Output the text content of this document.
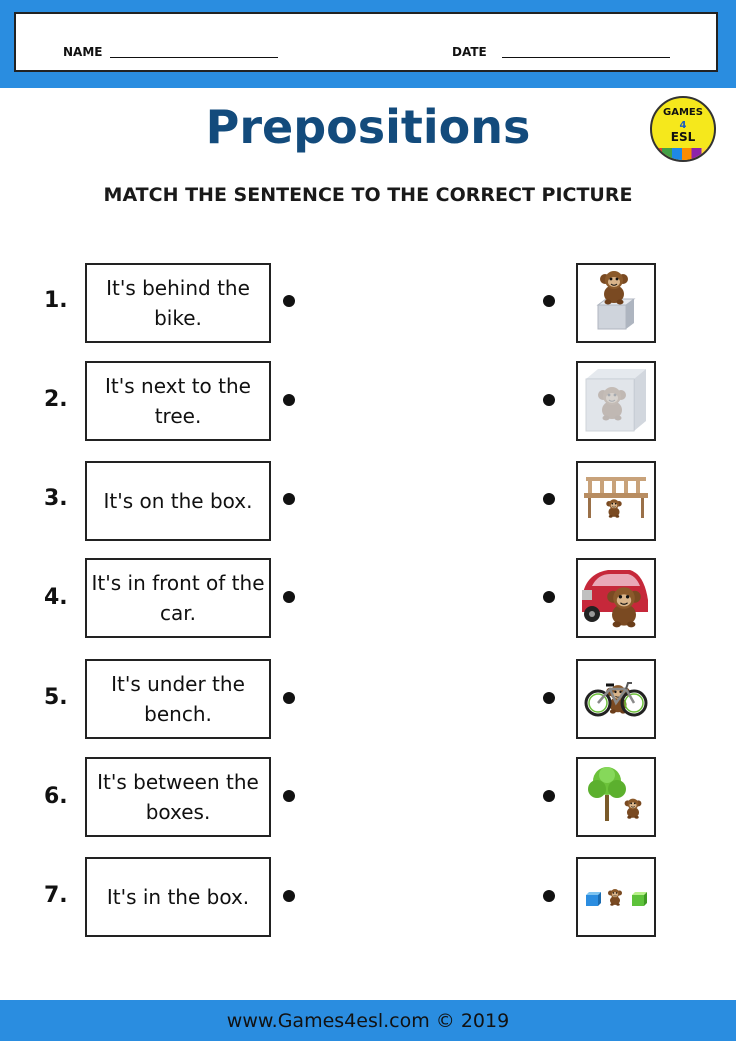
NAME	DATE
Prepositions	GAMES
4
ESL
MATCH THE SENTENCE TO THE CORRECT PICTURE
1.	It's behind the bike.
2.
It's next to the tree.
3.	It's on the box.
4.
It's in front of the car.
5.
It's under the bench.
6.
It's between the boxes.
7.	It's in the box.
www.Games4esl.com © 2019
